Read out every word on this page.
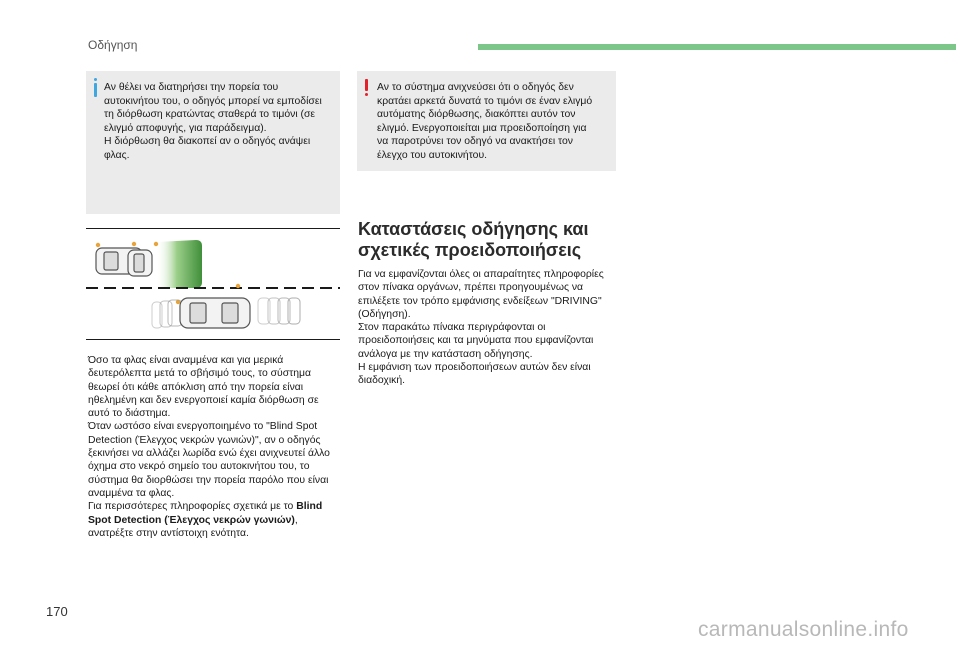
Οδήγηση
Αν θέλει να διατηρήσει την πορεία του
αυτοκινήτου του, ο οδηγός μπορεί να εμποδίσει
τη διόρθωση κρατώντας σταθερά το τιμόνι (σε
ελιγμό αποφυγής, για παράδειγμα).
Η διόρθωση θα διακοπεί αν ο οδηγός ανάψει
φλας.
Αν το σύστημα ανιχνεύσει ότι ο οδηγός δεν
κρατάει αρκετά δυνατά το τιμόνι σε έναν ελιγμό
αυτόματης διόρθωσης, διακόπτει αυτόν τον
ελιγμό. Ενεργοποιείται μια προειδοποίηση για
να παροτρύνει τον οδηγό να ανακτήσει τον
έλεγχο του αυτοκινήτου.
Όσο τα φλας είναι αναμμένα και για μερικά
δευτερόλεπτα μετά το σβήσιμό τους, το σύστημα
θεωρεί ότι κάθε απόκλιση από την πορεία είναι
ηθελημένη και δεν ενεργοποιεί καμία διόρθωση σε
αυτό το διάστημα.
Όταν ωστόσο είναι ενεργοποιημένο το "Blind Spot
Detection (Έλεγχος νεκρών γωνιών)", αν ο οδηγός
ξεκινήσει να αλλάζει λωρίδα ενώ έχει ανιχνευτεί άλλο
όχημα στο νεκρό σημείο του αυτοκινήτου του, το
σύστημα θα διορθώσει την πορεία παρόλο που είναι
αναμμένα τα φλας.
Για περισσότερες πληροφορίες σχετικά με το Blind
Spot Detection (Έλεγχος νεκρών γωνιών),
ανατρέξτε στην αντίστοιχη ενότητα.
Καταστάσεις οδήγησης και
σχετικές προειδοποιήσεις
Για να εμφανίζονται όλες οι απαραίτητες πληροφορίες
στον πίνακα οργάνων, πρέπει προηγουμένως να
επιλέξετε τον τρόπο εμφάνισης ενδείξεων "DRIVING"
(Οδήγηση).
Στον παρακάτω πίνακα περιγράφονται οι
προειδοποιήσεις και τα μηνύματα που εμφανίζονται
ανάλογα με την κατάσταση οδήγησης.
Η εμφάνιση των προειδοποιήσεων αυτών δεν είναι
διαδοχική.
170
carmanualsonline.info
